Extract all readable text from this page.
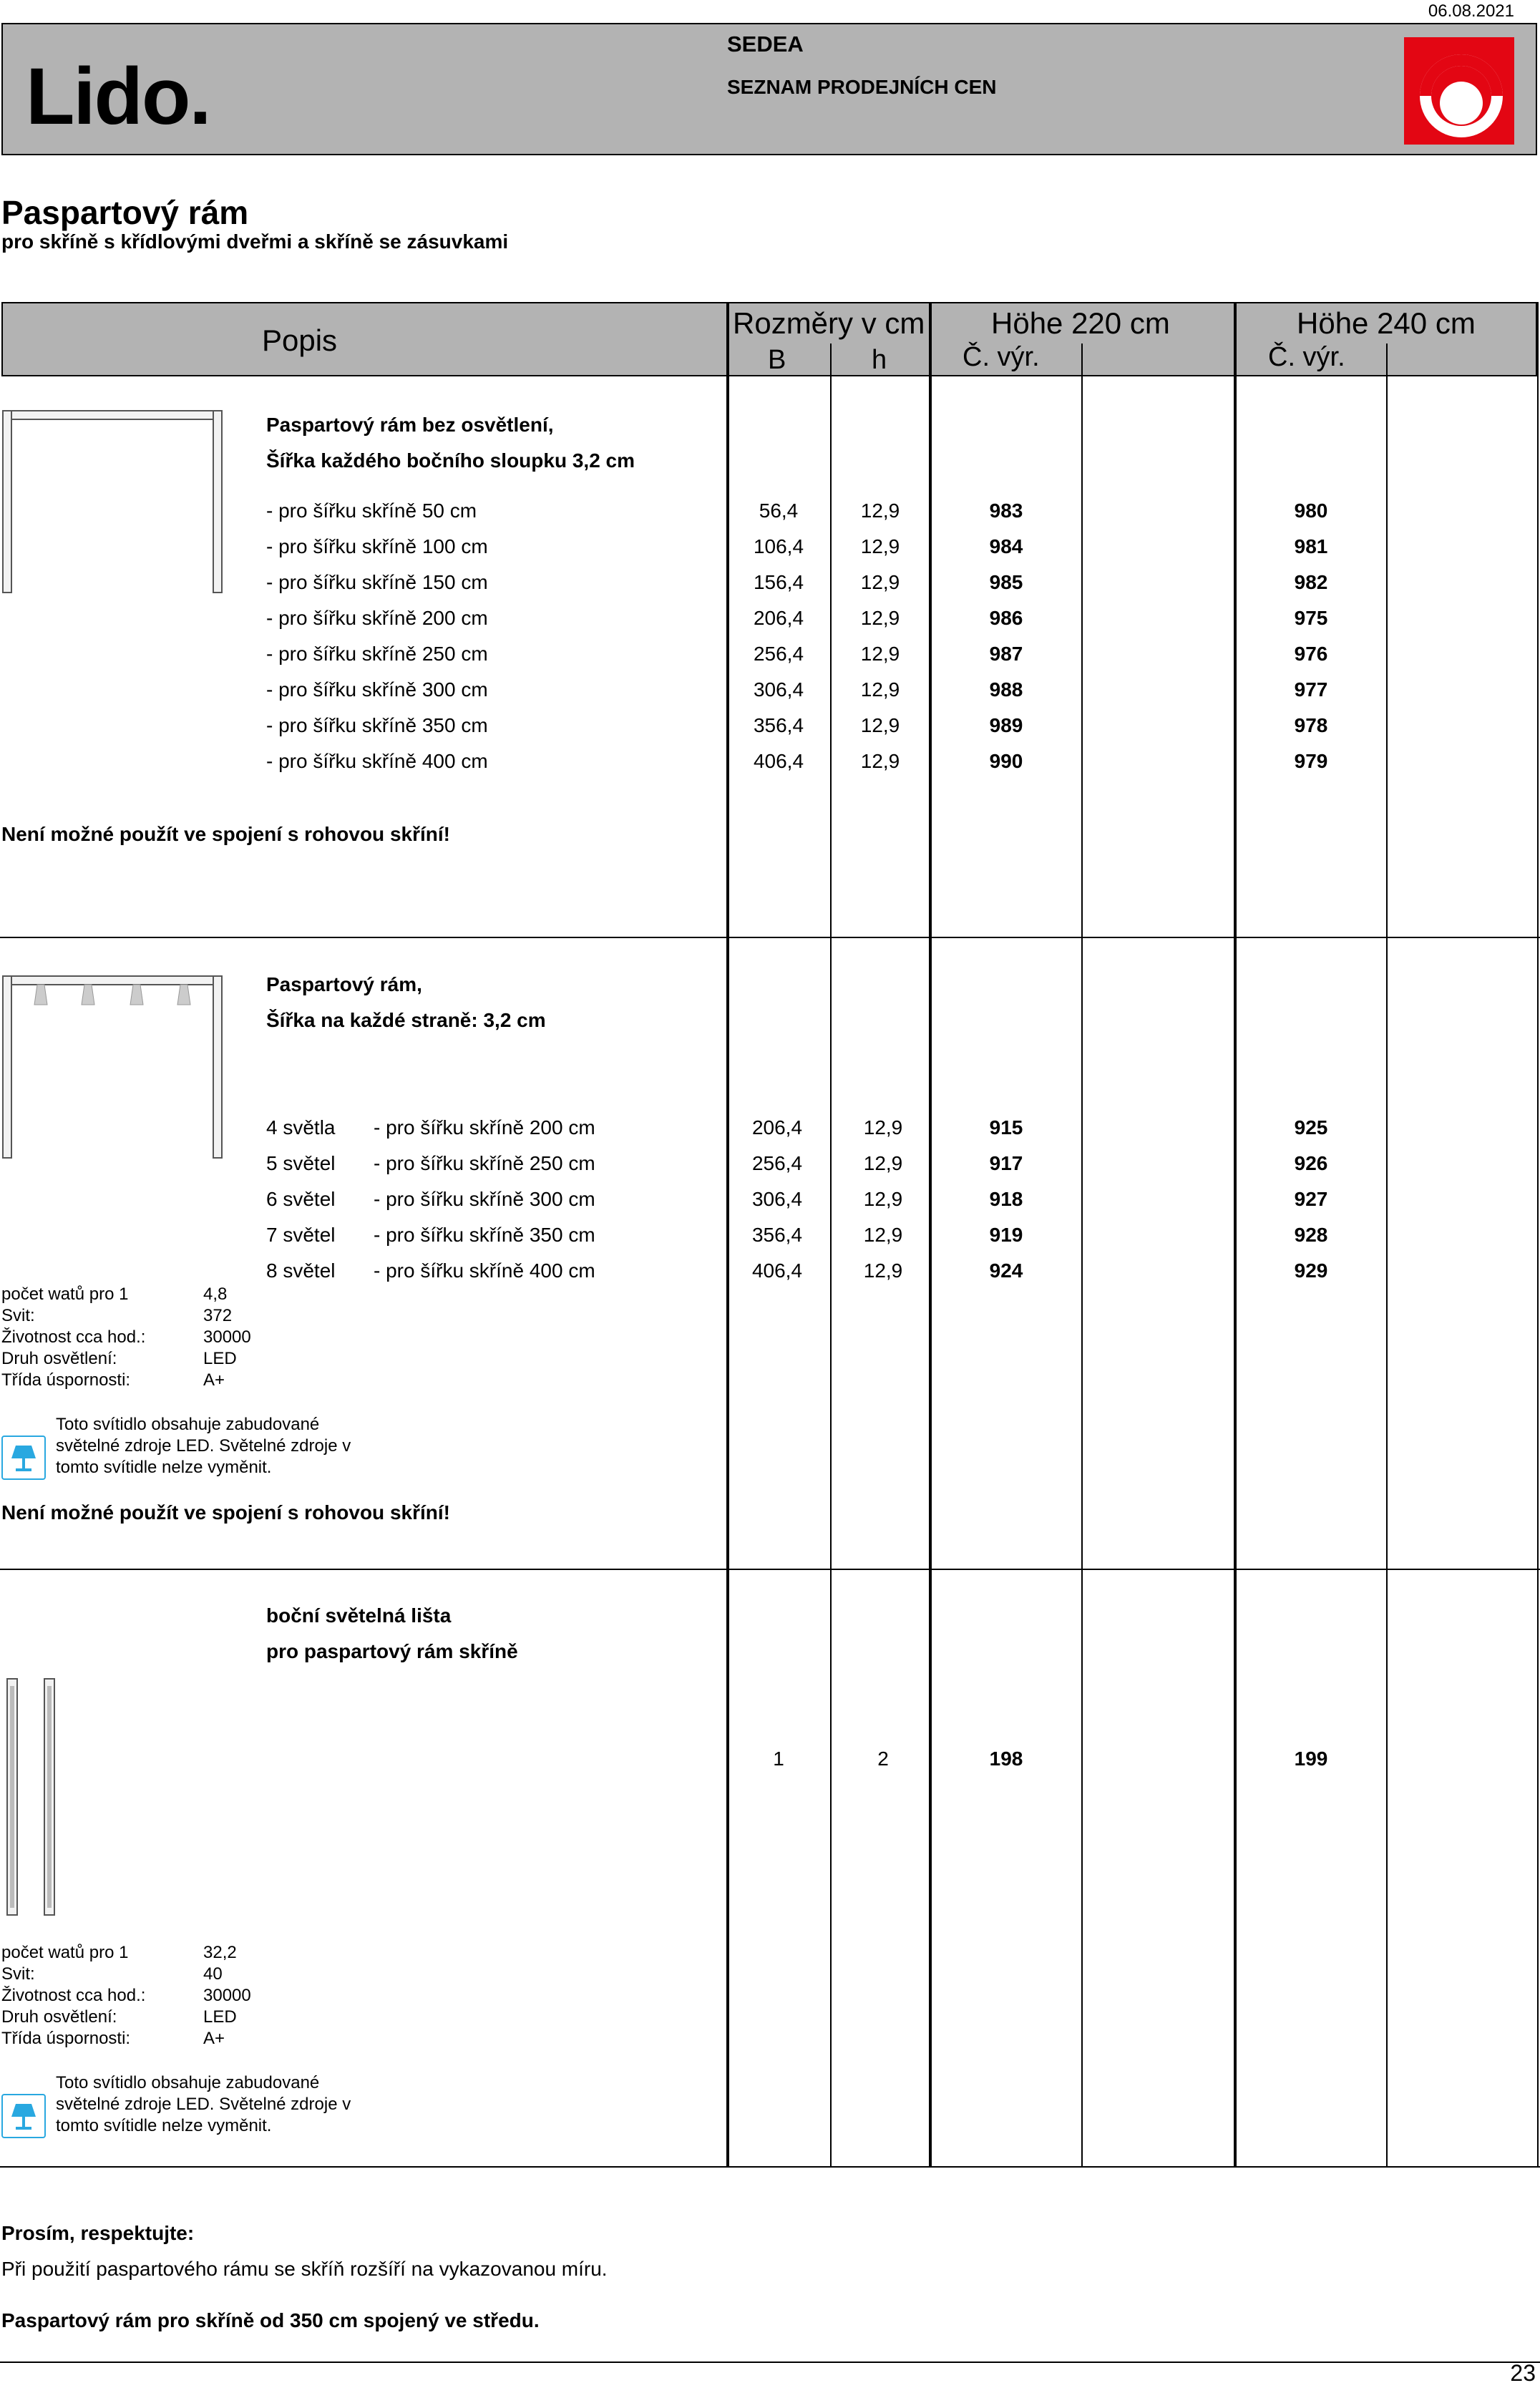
06.08.2021
Lido.
SEDEA
SEZNAM PRODEJNÍCH CEN
Paspartový rám
pro skříně s křídlovými dveřmi a skříně se zásuvkami
Popis
Rozměry v cm
B	h
Höhe 220 cm	Höhe 240 cm
Č. výr.	Č. výr.
Paspartový rám bez osvětlení,
Šířka každého bočního sloupku 3,2 cm
- pro šířku skříně 50 cm	56,4	12,9	983	980
- pro šířku skříně 100 cm	106,4	12,9	984	981
- pro šířku skříně 150 cm	156,4	12,9	985	982
- pro šířku skříně 200 cm	206,4	12,9	986	975
- pro šířku skříně 250 cm	256,4	12,9	987	976
- pro šířku skříně 300 cm	306,4	12,9	988	977
- pro šířku skříně 350 cm	356,4	12,9	989	978
- pro šířku skříně 400 cm	406,4	12,9	990	979
Není možné použít ve spojení s rohovou skříní!
Paspartový rám,
Šířka na každé straně: 3,2 cm
4 světla - pro šířku skříně 200 cm	206,4	12,9	915	925
5 světel - pro šířku skříně 250 cm	256,4	12,9	917	926
6 světel - pro šířku skříně 300 cm	306,4	12,9	918	927
7 světel - pro šířku skříně 350 cm	356,4	12,9	919	928
8 světel - pro šířku skříně 400 cm	406,4	12,9	924	929
počet watů pro 1	4,8
Svit:	372
Životnost cca hod.:	30000
Druh osvětlení:	LED
Třída úspornosti:	A+
Toto svítidlo obsahuje zabudované světelné zdroje LED. Světelné zdroje v tomto svítidle nelze vyměnit.
Není možné použít ve spojení s rohovou skříní!
boční světelná lišta
pro paspartový rám skříně
1	2	198	199
počet watů pro 1	32,2
Svit:	40
Životnost cca hod.:	30000
Druh osvětlení:	LED
Třída úspornosti:	A+
Toto svítidlo obsahuje zabudované světelné zdroje LED. Světelné zdroje v tomto svítidle nelze vyměnit.
Prosím, respektujte:
Při použití paspartového rámu se skříň rozšíří na vykazovanou míru.
Paspartový rám pro skříně od 350 cm spojený ve středu.
23
